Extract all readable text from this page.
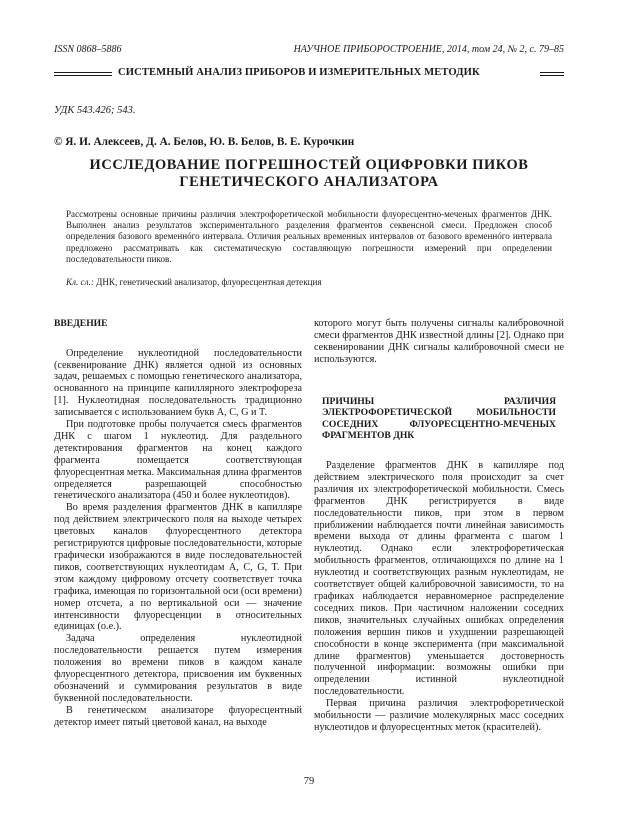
ISSN 0868–5886	НАУЧНОЕ ПРИБОРОСТРОЕНИЕ, 2014, том 24, № 2, с. 79–85
СИСТЕМНЫЙ АНАЛИЗ ПРИБОРОВ И ИЗМЕРИТЕЛЬНЫХ МЕТОДИК
УДК 543.426; 543.
© Я. И. Алексеев, Д. А. Белов, Ю. В. Белов, В. Е. Курочкин
ИССЛЕДОВАНИЕ ПОГРЕШНОСТЕЙ ОЦИФРОВКИ ПИКОВ ГЕНЕТИЧЕСКОГО АНАЛИЗАТОРА
Рассмотрены основные причины различия электрофоретической мобильности флуоресцентно-меченых фрагментов ДНК. Выполнен анализ результатов экспериментального разделения фрагментов секвенсной смеси. Предложен способ определения базового временнóго интервала. Отличия реальных временных интервалов от базового временнóго интервала предложено рассматривать как систематическую составляющую погрешности измерений при определении последовательности пиков.
Кл. сл.: ДНК, генетический анализатор, флуоресцентная детекция

ВВЕДЕНИЕ

Определение нуклеотидной последовательности (секвенирование ДНК) является одной из основных задач, решаемых с помощью генетического анализатора, основанного на принципе капиллярного электрофореза [1]. Нуклеотидная последовательность традиционно записывается с использованием букв A, C, G и T.

При подготовке пробы получается смесь фрагментов ДНК с шагом 1 нуклеотид. Для раздельного детектирования фрагментов на конец каждого фрагмента помещается соответствующая флуоресцентная метка. Максимальная длина фрагментов определяется разрешающей способностью генетического анализатора (450 и более нуклеотидов).

Во время разделения фрагментов ДНК в капилляре под действием электрического поля на выходе четырех цветовых каналов флуоресцентного детектора регистрируются цифровые последовательности, которые графически изображаются в виде последовательностей пиков, соответствующих нуклеотидам A, C, G, T. При этом каждому цифровому отсчету соответствует точка графика, имеющая по горизонтальной оси (оси времени) номер отсчета, а по вертикальной оси — значение интенсивности флуоресценции в относительных единицах (о.е.).

Задача определения нуклеотидной последовательности решается путем измерения положения во времени пиков в каждом канале флуоресцентного детектора, присвоения им буквенных обозначений и суммирования результатов в виде буквенной последовательности.

В генетическом анализаторе флуоресцентный детектор имеет пятый цветовой канал, на выходе

которого могут быть получены сигналы калибровочной смеси фрагментов ДНК известной длины [2]. Однако при секвенировании ДНК сигналы калибровочной смеси не используются.

ПРИЧИНЫ РАЗЛИЧИЯ ЭЛЕКТРОФОРЕТИЧЕСКОЙ МОБИЛЬНОСТИ СОСЕДНИХ ФЛУОРЕСЦЕНТНО-МЕЧЕНЫХ ФРАГМЕНТОВ ДНК

Разделение фрагментов ДНК в капилляре под действием электрического поля происходит за счет различия их электрофоретической мобильности. Смесь фрагментов ДНК регистрируется в виде последовательности пиков, при этом в первом приближении наблюдается почти линейная зависимость времени выхода от длины фрагмента с шагом 1 нуклеотид. Однако если электрофоретическая мобильность фрагментов, отличающихся по длине на 1 нуклеотид и соответствующих разным нуклеотидам, не соответствует общей калибровочной зависимости, то на графиках наблюдается неравномерное распределение соседних пиков. При частичном наложении соседних пиков, значительных случайных ошибках определения положения вершин пиков и ухудшении разрешающей способности в конце эксперимента (при максимальной длине фрагментов) уменьшается достоверность полученной информации: возможны ошибки при определении истинной нуклеотидной последовательности.

Первая причина различия электрофоретической мобильности — различие молекулярных масс соседних нуклеотидов и флуоресцентных меток (красителей).

79
